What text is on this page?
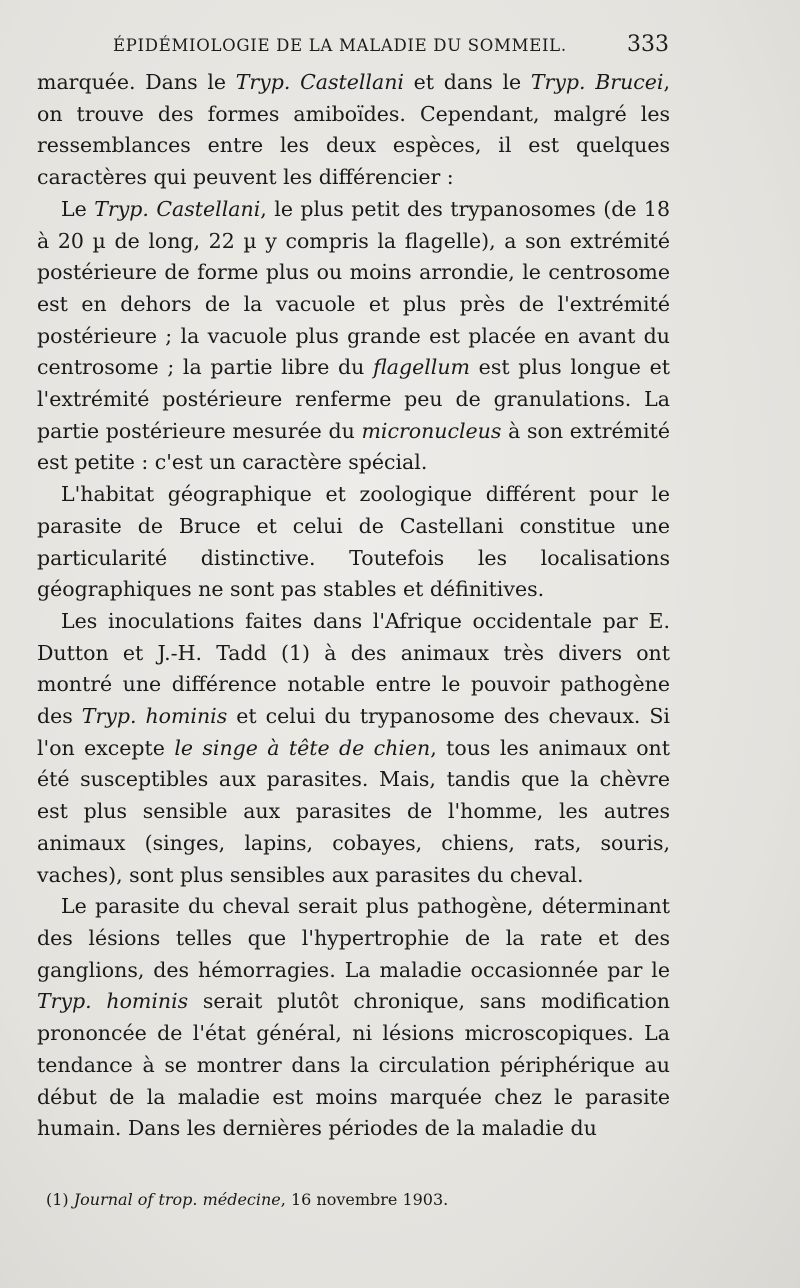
ÉPIDÉMIOLOGIE DE LA MALADIE DU SOMMEIL.	333

marquée. Dans le Tryp. Castellani et dans le Tryp. Brucei, on trouve des formes amiboïdes. Cependant, malgré les ressemblances entre les deux espèces, il est quelques caractères qui peuvent les différencier :

Le Tryp. Castellani, le plus petit des trypanosomes (de 18 à 20 µ de long, 22 µ y compris la flagelle), a son extrémité postérieure de forme plus ou moins arrondie, le centrosome est en dehors de la vacuole et plus près de l'extrémité postérieure ; la vacuole plus grande est placée en avant du centrosome ; la partie libre du flagellum est plus longue et l'extrémité postérieure renferme peu de granulations. La partie postérieure mesurée du micronucleus à son extrémité est petite : c'est un caractère spécial.

L'habitat géographique et zoologique différent pour le parasite de Bruce et celui de Castellani constitue une particularité distinctive. Toutefois les localisations géographiques ne sont pas stables et définitives.

Les inoculations faites dans l'Afrique occidentale par E. Dutton et J.-H. Tadd (1) à des animaux très divers ont montré une différence notable entre le pouvoir pathogène des Tryp. hominis et celui du trypanosome des chevaux. Si l'on excepte le singe à tête de chien, tous les animaux ont été susceptibles aux parasites. Mais, tandis que la chèvre est plus sensible aux parasites de l'homme, les autres animaux (singes, lapins, cobayes, chiens, rats, souris, vaches), sont plus sensibles aux parasites du cheval.

Le parasite du cheval serait plus pathogène, déterminant des lésions telles que l'hypertrophie de la rate et des ganglions, des hémorragies. La maladie occasionnée par le Tryp. hominis serait plutôt chronique, sans modification prononcée de l'état général, ni lésions microscopiques. La tendance à se montrer dans la circulation périphérique au début de la maladie est moins marquée chez le parasite humain. Dans les dernières périodes de la maladie du

(1) Journal of trop. médecine, 16 novembre 1903.
